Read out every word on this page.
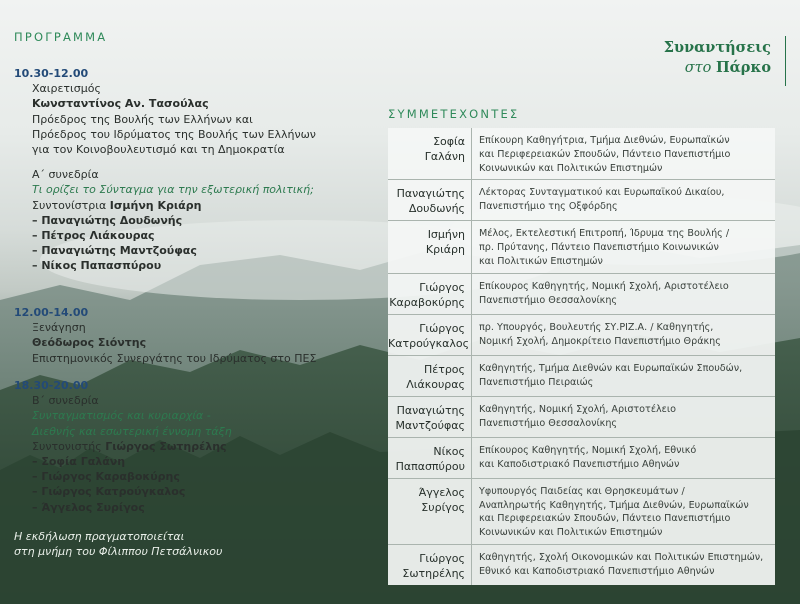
ΠΡΟΓΡΑΜΜΑ
10.30-12.00
Χαιρετισμός
Κωνσταντίνος Αν. Τασούλας
Πρόεδρος της Βουλής των Ελλήνων και
Πρόεδρος του Ιδρύματος της Βουλής των Ελλήνων
για τον Κοινοβουλευτισμό και τη Δημοκρατία
Α΄ συνεδρία
Τι ορίζει το Σύνταγμα για την εξωτερική πολιτική;
Συντονίστρια Ισμήνη Κριάρη
– Παναγιώτης Δουδωνής
– Πέτρος Λιάκουρας
– Παναγιώτης Μαντζούφας
– Νίκος Παπασπύρου
12.00-14.00
Ξενάγηση
Θεόδωρος Σιόντης
Επιστημονικός Συνεργάτης του Ιδρύματος στο ΠΕΣ
18.30-20.00
Β΄ συνεδρία
Συνταγματισμός και κυριαρχία -
Διεθνής και εσωτερική έννομη τάξη
Συντονιστής Γιώργος Σωτηρέλης
– Σοφία Γαλάνη
– Γιώργος Καραβοκύρης
– Γιώργος Κατρούγκαλος
– Άγγελος Συρίγος
Η εκδήλωση πραγματοποιείται
στη μνήμη του Φίλιππου Πετσάλνικου
Συναντήσεις
στο Πάρκο
ΣΥΜΜΕΤΕΧΟΝΤΕΣ
Σοφία
Γαλάνη
Επίκουρη Καθηγήτρια, Τμήμα Διεθνών, Ευρωπαϊκών
και Περιφερειακών Σπουδών, Πάντειο Πανεπιστήμιο
Κοινωνικών και Πολιτικών Επιστημών
Παναγιώτης
Δουδωνής
Λέκτορας Συνταγματικού και Ευρωπαϊκού Δικαίου,
Πανεπιστήμιο της Οξφόρδης
Ισμήνη
Κριάρη
Μέλος, Εκτελεστική Επιτροπή, Ίδρυμα της Βουλής /
πρ. Πρύτανης, Πάντειο Πανεπιστήμιο Κοινωνικών
και Πολιτικών Επιστημών
Γιώργος
Καραβοκύρης
Επίκουρος Καθηγητής, Νομική Σχολή, Αριστοτέλειο
Πανεπιστήμιο Θεσσαλονίκης
Γιώργος
Κατρούγκαλος
πρ. Υπουργός, Βουλευτής ΣΥ.ΡΙΖ.Α. / Καθηγητής,
Νομική Σχολή, Δημοκρίτειο Πανεπιστήμιο Θράκης
Πέτρος
Λιάκουρας
Καθηγητής, Τμήμα Διεθνών και Ευρωπαϊκών Σπουδών,
Πανεπιστήμιο Πειραιώς
Παναγιώτης
Μαντζούφας
Καθηγητής, Νομική Σχολή, Αριστοτέλειο
Πανεπιστήμιο Θεσσαλονίκης
Νίκος
Παπασπύρου
Επίκουρος Καθηγητής, Νομική Σχολή, Εθνικό
και Καποδιστριακό Πανεπιστήμιο Αθηνών
Άγγελος
Συρίγος
Υφυπουργός Παιδείας και Θρησκευμάτων /
Αναπληρωτής Καθηγητής, Τμήμα Διεθνών, Ευρωπαϊκών
και Περιφερειακών Σπουδών, Πάντειο Πανεπιστήμιο
Κοινωνικών και Πολιτικών Επιστημών
Γιώργος
Σωτηρέλης
Καθηγητής, Σχολή Οικονομικών και Πολιτικών Επιστημών,
Εθνικό και Καποδιστριακό Πανεπιστήμιο Αθηνών
